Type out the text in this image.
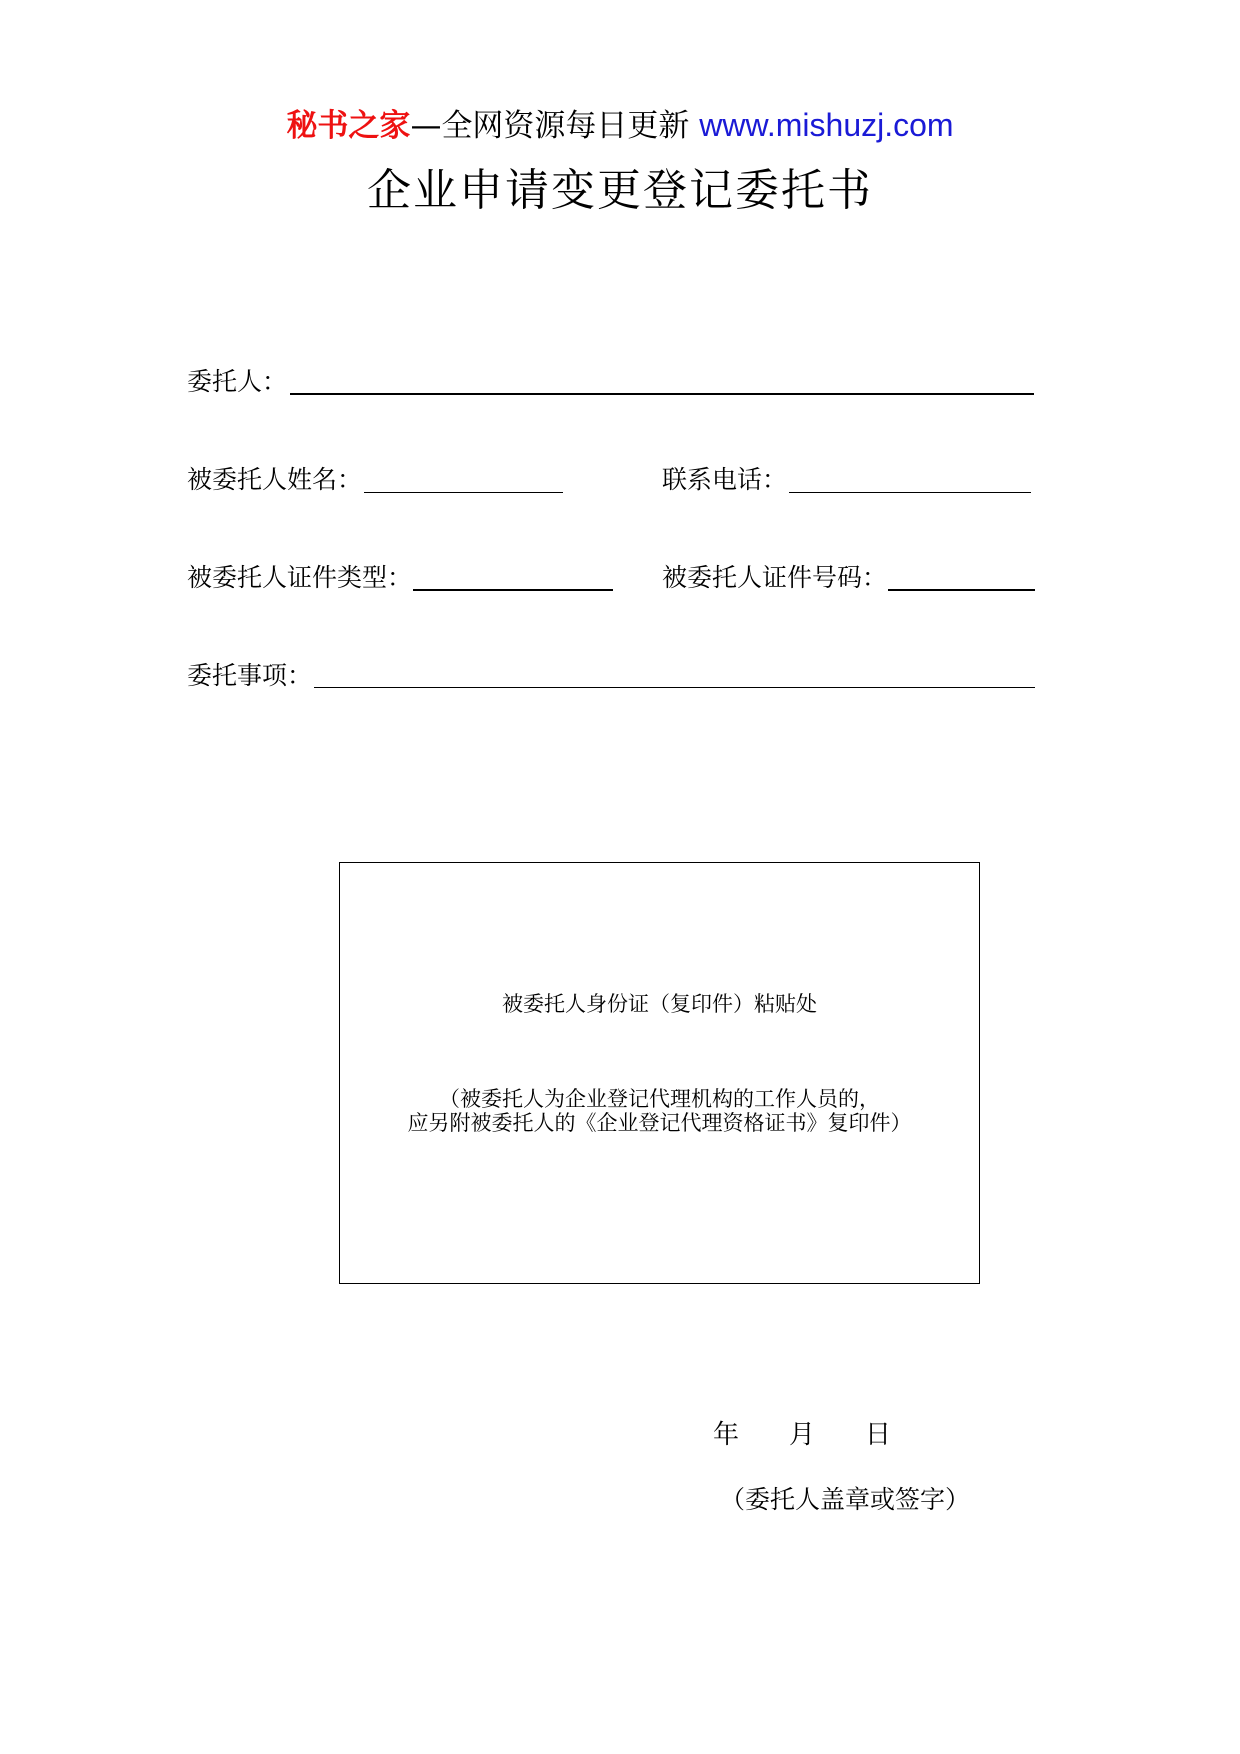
秘书之家—全网资源每日更新 www.mishuzj.com
企业申请变更登记委托书
委托人：
被委托人姓名：	联系电话：
被委托人证件类型：	被委托人证件号码：
委托事项：
被委托人身份证（复印件）粘贴处
（被委托人为企业登记代理机构的工作人员的，
应另附被委托人的《企业登记代理资格证书》复印件）
年 月 日
（委托人盖章或签字）
